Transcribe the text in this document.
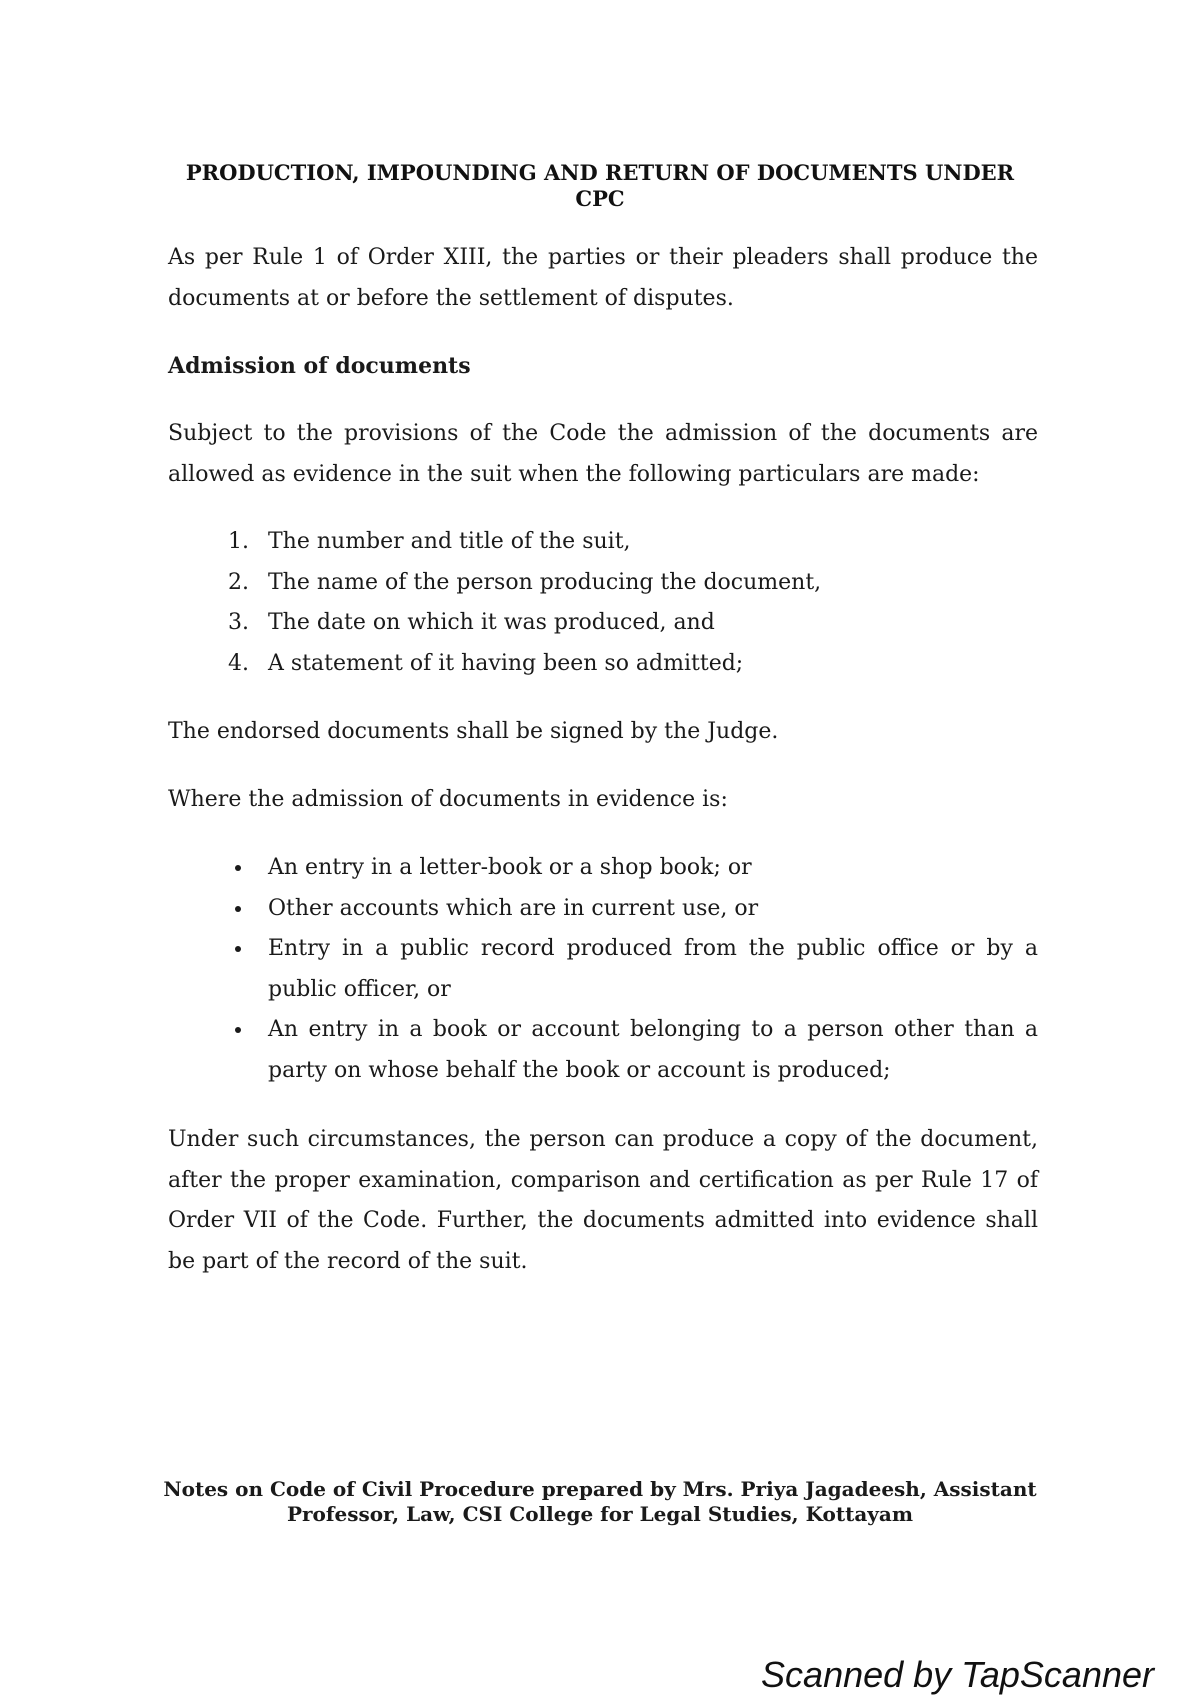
PRODUCTION, IMPOUNDING AND RETURN OF DOCUMENTS UNDER
CPC

As per Rule 1 of Order XIII, the parties or their pleaders shall produce the documents at or before the settlement of disputes.

Admission of documents

Subject to the provisions of the Code the admission of the documents are allowed as evidence in the suit when the following particulars are made:

1. The number and title of the suit,
2. The name of the person producing the document,
3. The date on which it was produced, and
4. A statement of it having been so admitted;

The endorsed documents shall be signed by the Judge.

Where the admission of documents in evidence is:

An entry in a letter-book or a shop book; or
Other accounts which are in current use, or
Entry in a public record produced from the public office or by a public officer, or
An entry in a book or account belonging to a person other than a party on whose behalf the book or account is produced;

Under such circumstances, the person can produce a copy of the document, after the proper examination, comparison and certification as per Rule 17 of Order VII of the Code. Further, the documents admitted into evidence shall be part of the record of the suit.

Notes on Code of Civil Procedure prepared by Mrs. Priya Jagadeesh, Assistant
Professor, Law, CSI College for Legal Studies, Kottayam

Scanned by TapScanner
